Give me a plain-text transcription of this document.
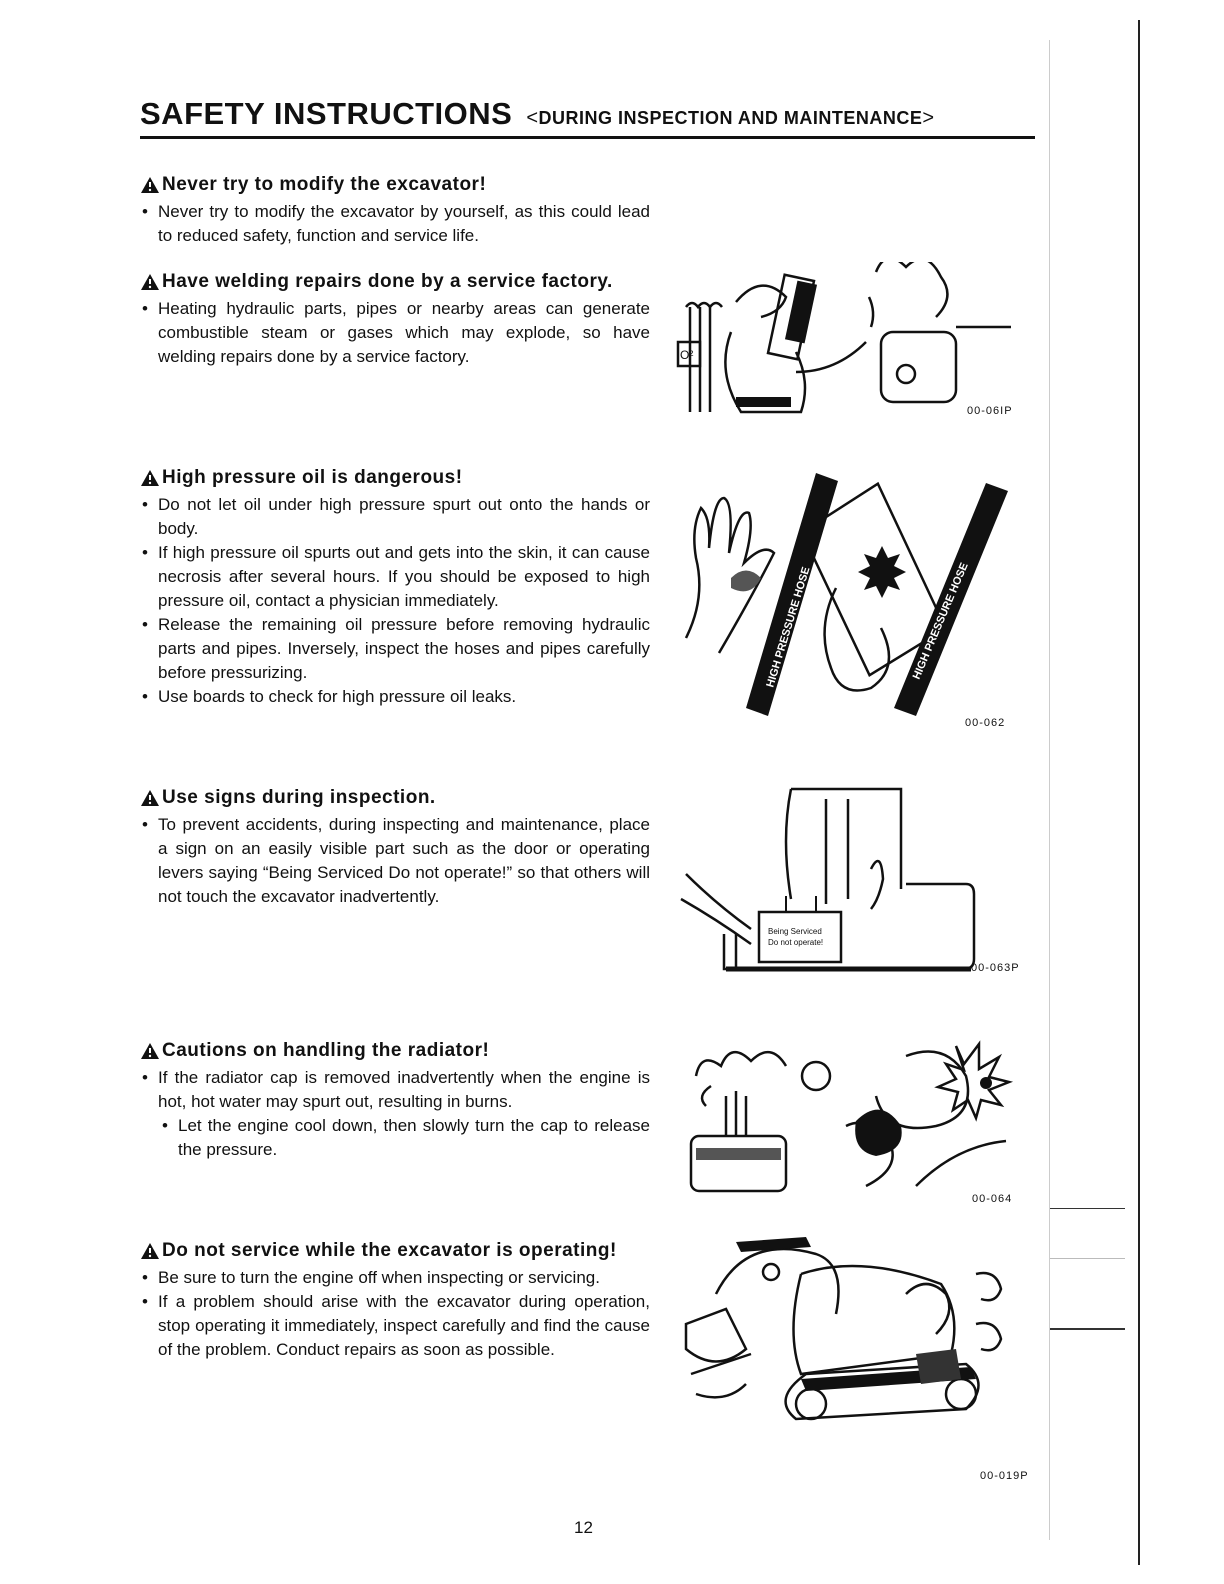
SAFETY INSTRUCTIONS <DURING INSPECTION AND MAINTENANCE>
Never try to modify the excavator!
• Never try to modify the excavator by yourself, as this could lead to reduced safety, function and service life.
Have welding repairs done by a service factory.
• Heating hydraulic parts, pipes or nearby areas can generate combustible steam or gases which may explode, so have welding repairs done by a service factory.
High pressure oil is dangerous!
• Do not let oil under high pressure spurt out onto the hands or body.
• If high pressure oil spurts out and gets into the skin, it can cause necrosis after several hours. If you should be exposed to high pressure oil, contact a physician immediately.
• Release the remaining oil pressure before removing hydraulic parts and pipes. Inversely, inspect the hoses and pipes carefully before pressurizing.
• Use boards to check for high pressure oil leaks.
Use signs during inspection.
• To prevent accidents, during inspecting and maintenance, place a sign on an easily visible part such as the door or operating levers saying “Being Serviced Do not operate!” so that others will not touch the excavator inadvertently.
Cautions on handling the radiator!
• If the radiator cap is removed inadvertently when the engine is hot, hot water may spurt out, resulting in burns.
• Let the engine cool down, then slowly turn the cap to release the pressure.
Do not service while the excavator is operating!
• Be sure to turn the engine off when inspecting or servicing.
• If a problem should arise with the excavator during operation, stop operating it immediately, inspect carefully and find the cause of the problem. Conduct repairs as soon as possible.
O²
00-06IP
HIGH PRESSURE HOSE	HIGH PRESSURE HOSE
00-062
Being Serviced
Do not operate!
00-063P
00-064
00-019P
12
